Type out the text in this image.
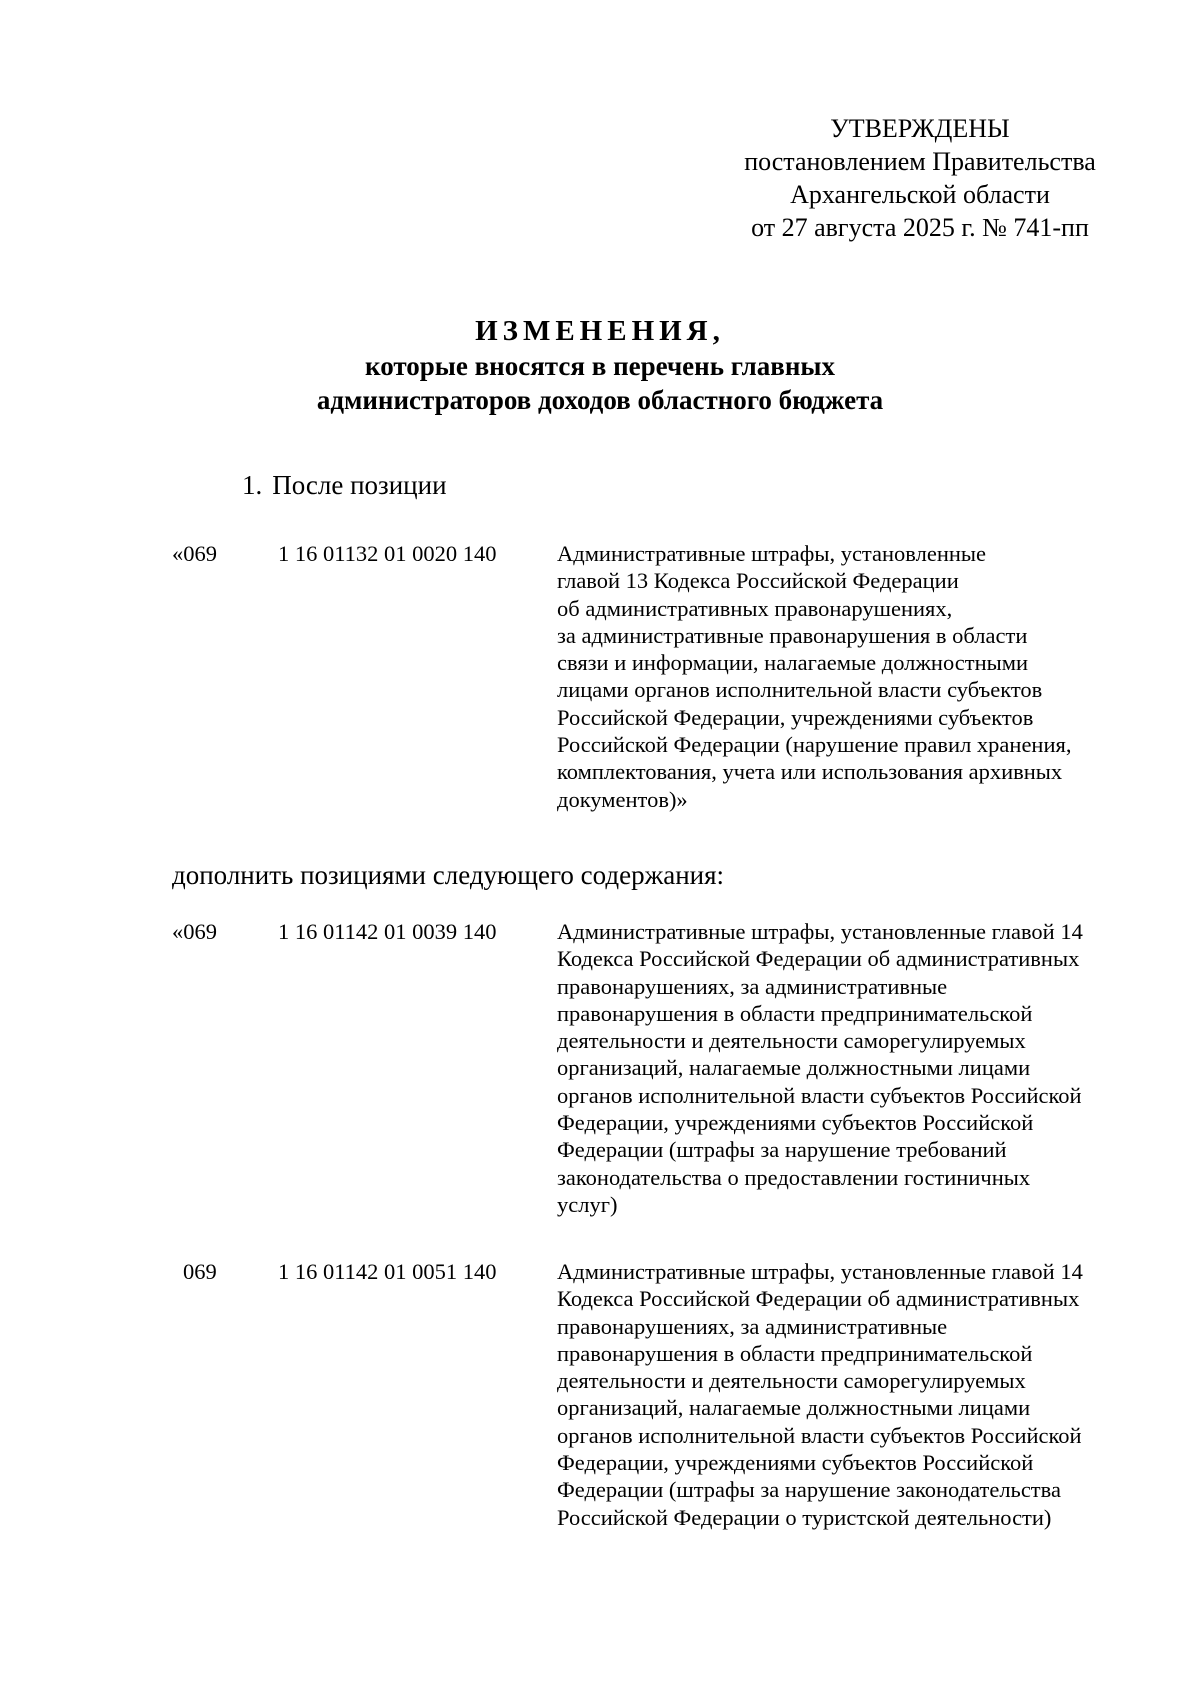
УТВЕРЖДЕНЫ
постановлением Правительства
Архангельской области
от 27 августа 2025 г. № 741-пп
ИЗМЕНЕНИЯ,
которые вносятся в перечень главных
администраторов доходов областного бюджета
1. После позиции
«069	1 16 01132 01 0020 140	Административные штрафы, установленные
главой 13 Кодекса Российской Федерации
об административных правонарушениях,
за административные правонарушения в области
связи и информации, налагаемые должностными
лицами органов исполнительной власти субъектов
Российской Федерации, учреждениями субъектов
Российской Федерации (нарушение правил хранения,
комплектования, учета или использования архивных
документов)»
дополнить позициями следующего содержания:
«069	1 16 01142 01 0039 140	Административные штрафы, установленные главой 14
Кодекса Российской Федерации об административных
правонарушениях, за административные
правонарушения в области предпринимательской
деятельности и деятельности саморегулируемых
организаций, налагаемые должностными лицами
органов исполнительной власти субъектов Российской
Федерации, учреждениями субъектов Российской
Федерации (штрафы за нарушение требований
законодательства о предоставлении гостиничных
услуг)
069	1 16 01142 01 0051 140	Административные штрафы, установленные главой 14
Кодекса Российской Федерации об административных
правонарушениях, за административные
правонарушения в области предпринимательской
деятельности и деятельности саморегулируемых
организаций, налагаемые должностными лицами
органов исполнительной власти субъектов Российской
Федерации, учреждениями субъектов Российской
Федерации (штрафы за нарушение законодательства
Российской Федерации о туристской деятельности)
